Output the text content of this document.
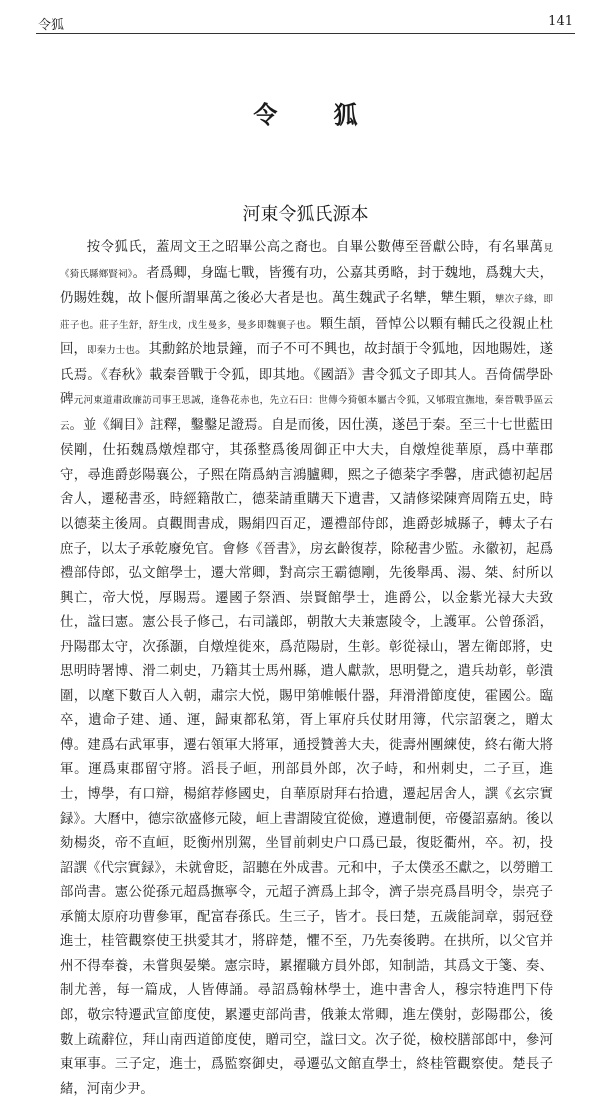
令狐	141
令 狐
河東令狐氏源本

按令狐氏，蓋周文王之昭畢公高之裔也。自畢公數傳至晉獻公時，有名畢萬見《猗氏縣鄉賢祠》。者爲卿，身臨七戰，皆獲有功，公嘉其勇略，封于魏地，爲魏大夫，仍賜姓魏，故卜偃所謂畢萬之後必大者是也。萬生魏武子名犨，犨生顆，犨次子緣，即莊子也。莊子生舒，舒生戊，戊生曼多，曼多即魏襄子也。顆生頡，晉悼公以顆有輔氏之役親止杜回，即秦力士也。其勳銘於地景鐘，而子不可不興也，故封頡于令狐地，因地賜姓，遂氏焉。《春秋》載秦晉戰于令狐，即其地。《國語》書令狐文子即其人。吾倚儒學卧碑元河東道肅政廉訪司事王思誠，逢魯花赤也，先立石曰：世傳今猗頓本屬古令狐，又郇瑕宜撫地，秦晉戰爭區云云。並《綱目》註釋，鑿鑿足證焉。自是而後，因仕漢，遂邑于秦。至三十七世藍田侯剛，仕拓魏爲燉煌郡守，其孫整爲後周御正中大夫，自燉煌徙華原，爲中華郡守，尋進爵彭陽襄公，子熙在隋爲納言鴻臚卿，熙之子德棻字季馨，唐武德初起居舍人，遷秘書丞，時經籍散亡，德棻請重購天下遺書，又請修梁陳齊周隋五史，時以德棻主後周。貞觀間書成，賜絹四百疋，遷禮部侍郎，進爵彭城縣子，轉太子右庶子，以太子承乾廢免官。會修《晉書》，房玄齡復荐，除秘書少監。永徽初，起爲禮部侍郎，弘文館學士，遷大常卿，對高宗王霸德剛，先後舉禹、湯、桀、紂所以興亡，帝大悦，厚賜焉。遷國子祭酒、崇賢館學士，進爵公，以金紫光禄大夫致仕，諡曰憲。憲公長子修己，右司議郎，朝散大夫兼憲陵令，上護軍。公曾孫滔，丹陽郡太守，次孫灝，自燉煌徙來，爲范陽尉，生彰。彰從禄山，署左衛郎將，史思明時署博、滑二刺史，乃籍其士馬州縣，遣人獻款，思明覺之，遣兵劫彰，彰潰圍，以麾下數百人入朝，肅宗大悦，賜甲第帷帳什器，拜滑滑節度使，霍國公。臨卒，遺命子建、通、運，歸東都私第，胥上軍府兵仗財用簿，代宗詔褒之，贈太傅。建爲右武軍事，遷右領軍大將軍，通授贊善大夫，徙壽州團練使，終右衛大將軍。運爲東郡留守將。滔長子峘，刑部員外郎，次子峙，和州刺史，二子亘，進士，博學，有口辯，楊綰荐修國史，自華原尉拜右拾遺，遷起居舍人，譔《玄宗實録》。大曆中，德宗欲盛修元陵，峘上書謂陵宜從儉，遵遺制便，帝優詔嘉納。後以劾楊炎，帝不直峘，貶衡州別駕，坐冒前刺史户口爲已最，復貶衢州，卒。初，投詔譔《代宗實録》，未就會貶，詔聽在外成書。元和中，子太僕丞丕獻之，以勞贈工部尚書。憲公從孫元超爲撫寧令，元超子濟爲上邽令，濟子崇亮爲昌明令，崇亮子承簡太原府功曹參軍，配富春孫氏。生三子，皆才。長曰楚，五歲能詞章，弱冠登進士，桂管觀察使王拱愛其才，將辟楚，懼不至，乃先奏後聘。在拱所，以父官并州不得奉養，未嘗與晏樂。憲宗時，累擢職方員外郎，知制誥，其爲文于箋、奏、制尤善，每一篇成，人皆傳誦。尋詔爲翰林學士，進中書舍人，穆宗特進門下侍郎，敬宗特遷武宣節度使，累遷吏部尚書，俄兼太常卿，進左僕射，彭陽郡公，後數上疏辭位，拜山南西道節度使，贈司空，諡曰文。次子從，檢校膳部郎中，參河東軍事。三子定，進士，爲監察御史，尋遷弘文館直學士，終桂管觀察使。楚長子緒，河南少尹。
